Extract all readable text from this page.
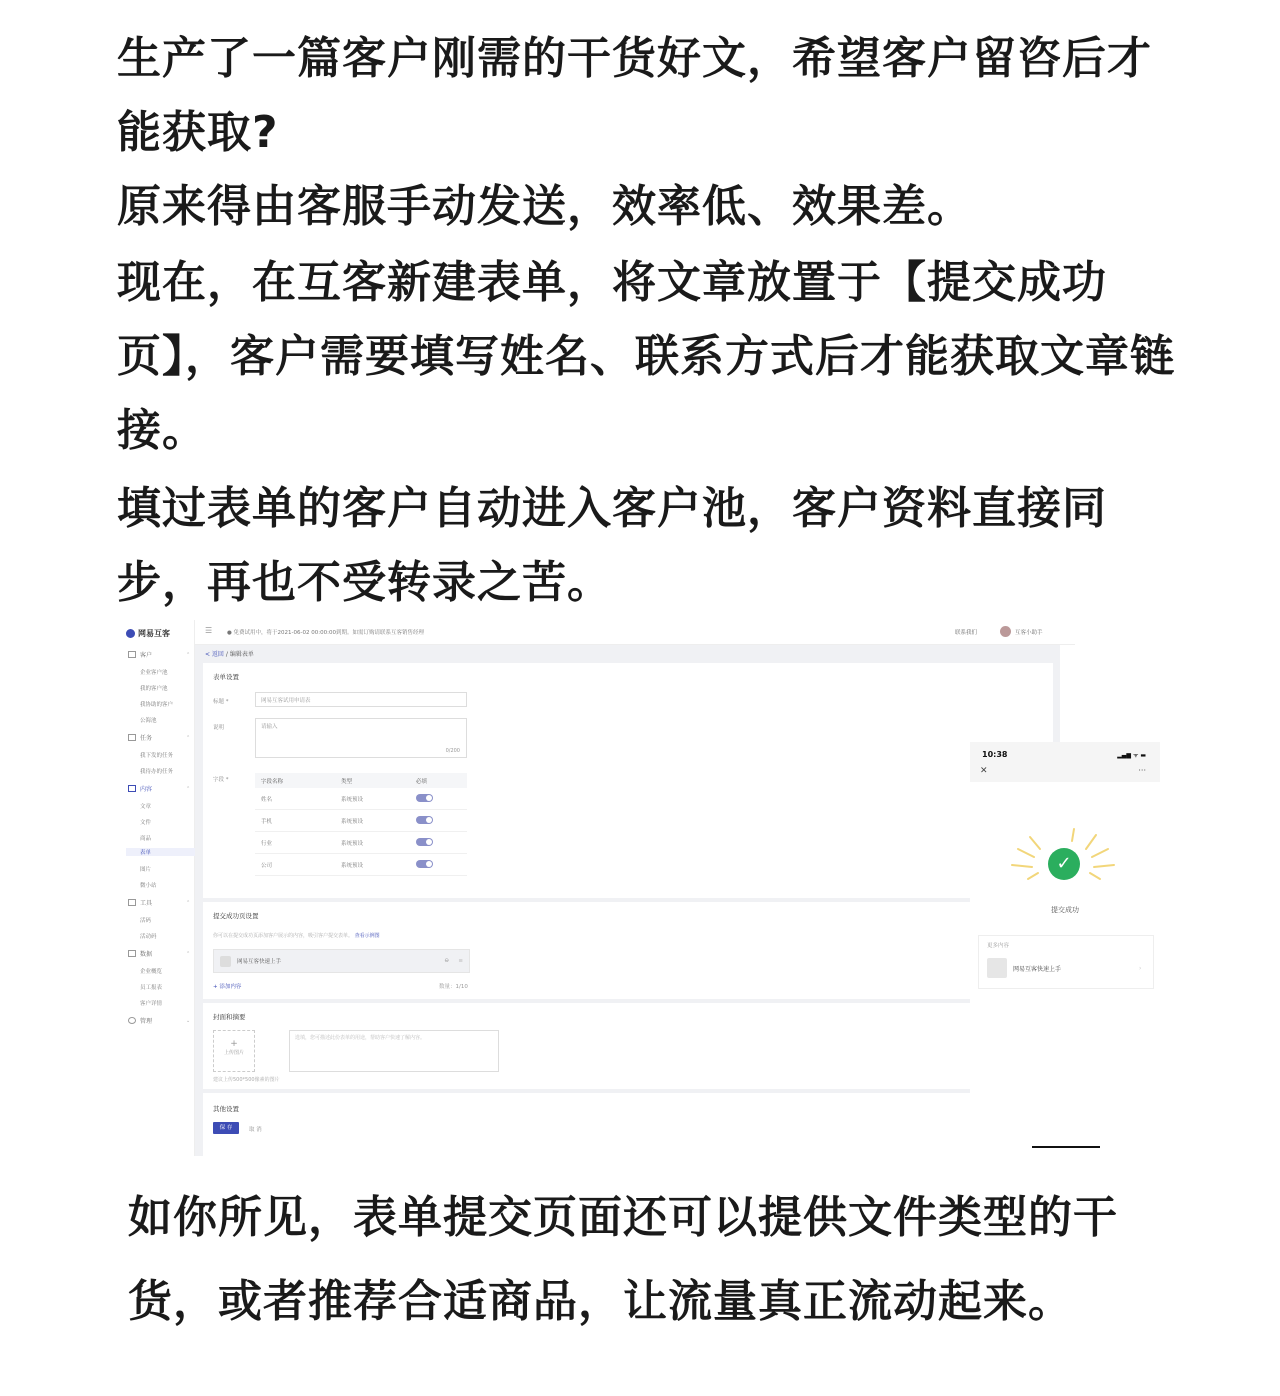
生产了一篇客户刚需的干货好文，希望客户留咨后才能获取?

原来得由客服手动发送，效率低、效果差。

现在，在互客新建表单，将文章放置于【提交成功页】，客户需要填写姓名、联系方式后才能获取文章链接。

填过表单的客户自动进入客户池，客户资料直接同步，再也不受转录之苦。

网易互客
客户	⌃
企业客户池
我的客户池
我协助的客户
公海池
任务	⌃
我下发的任务
我待办的任务
内容	⌃
文章
文件
商品
表单
图片
微小站
工具	⌃
活码
活动码
数据	⌃
企业概览
员工报表
客户详情
管理	⌄
☰	● 免费试用中，将于2021-06-02 00:00:00到期。如需订购请联系互客销售经理	联系我们	互客小助手
< 返回 / 编辑表单
表单设置
标题 *	网易互客试用申请表
说明	请输入
0/200
字段 *	字段名称	类型	必填
姓名	系统预设
手机	系统预设
行业	系统预设
公司	系统预设
提交成功页设置
你可以在提交成功页添加客户展示的内容，吸引客户提交表单。 查看示例图
网易互客快速上手	⊖ ≡
+ 添加内容	数量：1/10
封面和摘要
+
上传图片
建议上传500*500像素的图片
选填，您可描述此份表单的用途，帮助客户快速了解内容。
其他设置
保 存	取 消
10:38	▂▄▆ ᯤ ▬
✕	···
✓
提交成功
更多内容
网易互客快速上手	›

如你所见，表单提交页面还可以提供文件类型的干货，或者推荐合适商品，让流量真正流动起来。
